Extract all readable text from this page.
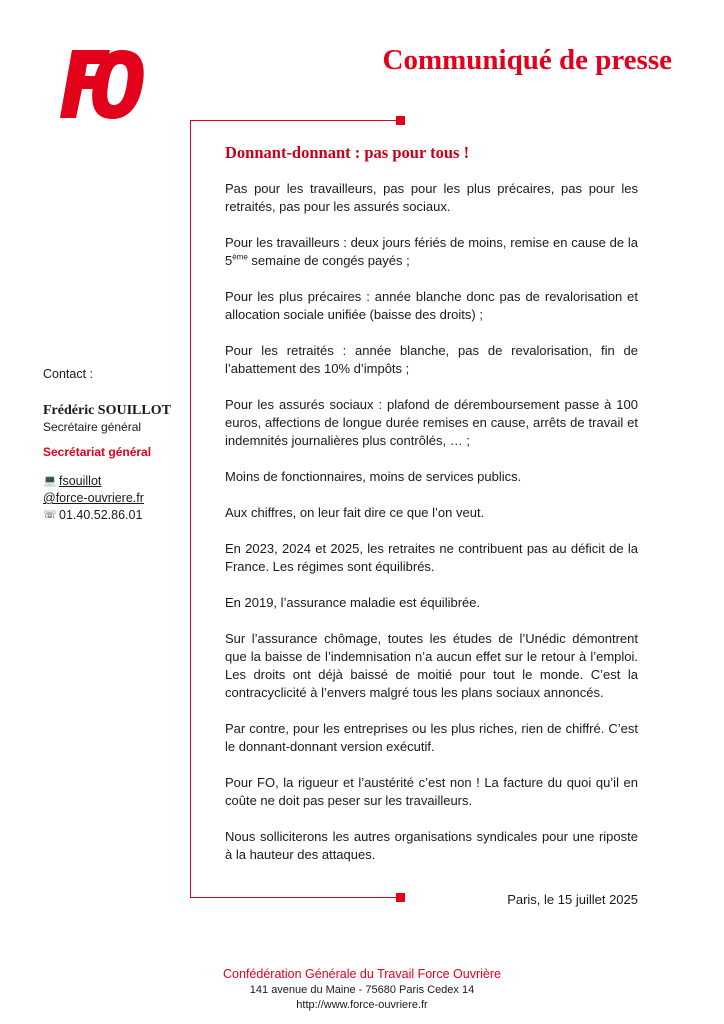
Communiqué de presse
Contact :
Frédéric SOUILLOT
Secrétaire général
Secrétariat général
💻 fsouillot
@force-ouvriere.fr
☏ 01.40.52.86.01
Donnant-donnant : pas pour tous !

Pas pour les travailleurs, pas pour les plus précaires, pas pour les retraités, pas pour les assurés sociaux.

Pour les travailleurs : deux jours fériés de moins, remise en cause de la 5ème semaine de congés payés ;

Pour les plus précaires : année blanche donc pas de revalorisation et allocation sociale unifiée (baisse des droits) ;

Pour les retraités : année blanche, pas de revalorisation, fin de l’abattement des 10% d’impôts ;

Pour les assurés sociaux : plafond de déremboursement passe à 100 euros, affections de longue durée remises en cause, arrêts de travail et indemnités journalières plus contrôlés, … ;

Moins de fonctionnaires, moins de services publics.

Aux chiffres, on leur fait dire ce que l’on veut.

En 2023, 2024 et 2025, les retraites ne contribuent pas au déficit de la France. Les régimes sont équilibrés.

En 2019, l’assurance maladie est équilibrée.

Sur l’assurance chômage, toutes les études de l’Unédic démontrent que la baisse de l’indemnisation n’a aucun effet sur le retour à l’emploi. Les droits ont déjà baissé de moitié pour tout le monde. C’est la contracyclicité à l’envers malgré tous les plans sociaux annoncés.

Par contre, pour les entreprises ou les plus riches, rien de chiffré. C’est le donnant-donnant version exécutif.

Pour FO, la rigueur et l’austérité c’est non ! La facture du quoi qu’il en coûte ne doit pas peser sur les travailleurs.

Nous solliciterons les autres organisations syndicales pour une riposte à la hauteur des attaques.

Paris, le 15 juillet 2025
Confédération Générale du Travail Force Ouvrière
141 avenue du Maine - 75680 Paris Cedex 14
http://www.force-ouvriere.fr
